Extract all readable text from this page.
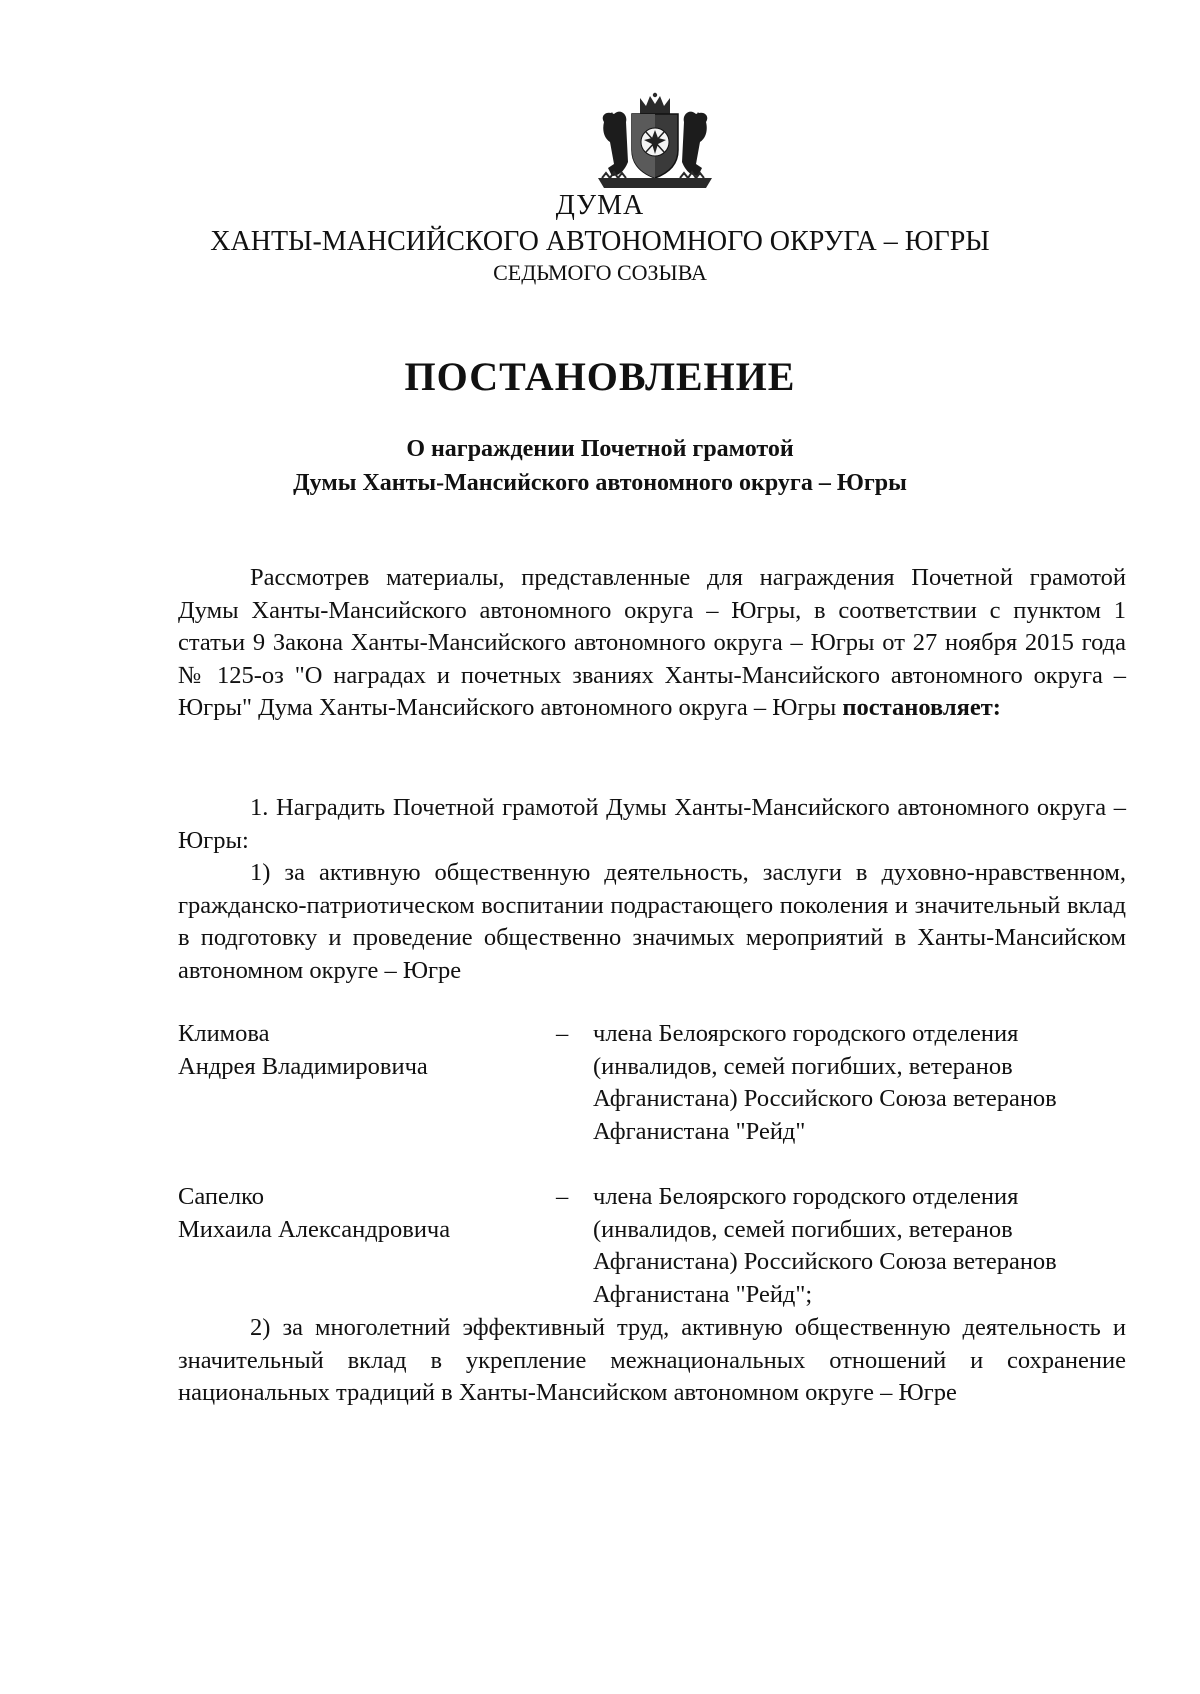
ДУМА

ХАНТЫ-МАНСИЙСКОГО АВТОНОМНОГО ОКРУГА – ЮГРЫ

СЕДЬМОГО СОЗЫВА

ПОСТАНОВЛЕНИЕ

О награждении Почетной грамотой

Думы Ханты-Мансийского автономного округа – Югры

Рассмотрев материалы, представленные для награждения Почетной грамотой Думы Ханты-Мансийского автономного округа – Югры, в соответствии с пунктом 1 статьи 9 Закона Ханты-Мансийского автономного округа – Югры от 27 ноября 2015 года № 125-оз "О наградах и почетных званиях Ханты-Мансийского автономного округа – Югры" Дума Ханты-Мансийского автономного округа – Югры постановляет:

1. Наградить Почетной грамотой Думы Ханты-Мансийского автономного округа – Югры:

1) за активную общественную деятельность, заслуги в духовно-нравственном, гражданско-патриотическом воспитании подрастающего поколения и значительный вклад в подготовку и проведение общественно значимых мероприятий в Ханты-Мансийском автономном округе – Югре

Климова
Андрея Владимировича

–	члена Белоярского городского отделения (инвалидов, семей погибших, ветеранов Афганистана) Российского Союза ветеранов Афганистана "Рейд"

Сапелко
Михаила Александровича

–	члена Белоярского городского отделения (инвалидов, семей погибших, ветеранов Афганистана) Российского Союза ветеранов Афганистана "Рейд";

2) за многолетний эффективный труд, активную общественную деятельность и значительный вклад в укрепление межнациональных отношений и сохранение национальных традиций в Ханты-Мансийском автономном округе – Югре
